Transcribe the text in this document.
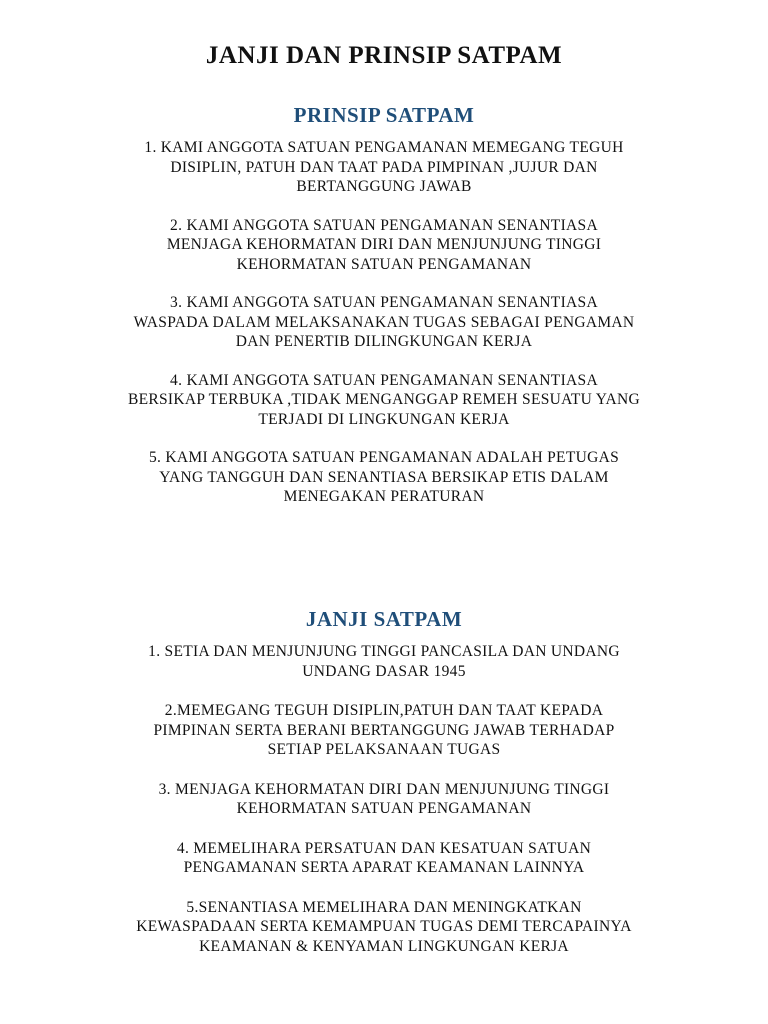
JANJI DAN PRINSIP SATPAM
PRINSIP SATPAM
1. KAMI ANGGOTA SATUAN PENGAMANAN MEMEGANG TEGUH
DISIPLIN, PATUH DAN TAAT PADA PIMPINAN ,JUJUR DAN
BERTANGGUNG JAWAB
2. KAMI ANGGOTA SATUAN PENGAMANAN SENANTIASA
MENJAGA KEHORMATAN DIRI DAN MENJUNJUNG TINGGI
KEHORMATAN SATUAN PENGAMANAN
3. KAMI ANGGOTA SATUAN PENGAMANAN SENANTIASA
WASPADA DALAM MELAKSANAKAN TUGAS SEBAGAI PENGAMAN
DAN PENERTIB DILINGKUNGAN KERJA
4. KAMI ANGGOTA SATUAN PENGAMANAN SENANTIASA
BERSIKAP TERBUKA ,TIDAK MENGANGGAP REMEH SESUATU YANG
TERJADI DI LINGKUNGAN KERJA
5. KAMI ANGGOTA SATUAN PENGAMANAN ADALAH PETUGAS
YANG TANGGUH DAN SENANTIASA BERSIKAP ETIS DALAM
MENEGAKAN PERATURAN
JANJI SATPAM
1. SETIA DAN MENJUNJUNG TINGGI PANCASILA DAN UNDANG
UNDANG DASAR 1945
2.MEMEGANG TEGUH DISIPLIN,PATUH DAN TAAT KEPADA
PIMPINAN SERTA BERANI BERTANGGUNG JAWAB TERHADAP
SETIAP PELAKSANAAN TUGAS
3. MENJAGA KEHORMATAN DIRI DAN MENJUNJUNG TINGGI
KEHORMATAN SATUAN PENGAMANAN
4. MEMELIHARA PERSATUAN DAN KESATUAN SATUAN
PENGAMANAN SERTA APARAT KEAMANAN LAINNYA
5.SENANTIASA MEMELIHARA DAN MENINGKATKAN
KEWASPADAAN SERTA KEMAMPUAN TUGAS DEMI TERCAPAINYA
KEAMANAN & KENYAMAN LINGKUNGAN KERJA
